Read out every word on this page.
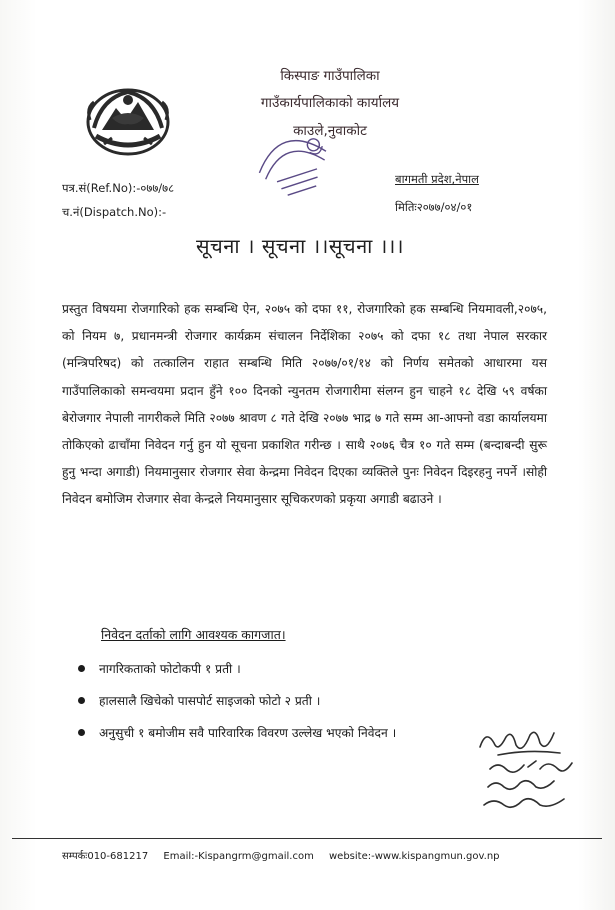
किस्पाङ गाउँपालिका
गाउँकार्यपालिकाको कार्यालय
काउले,नुवाकोट
पत्र.सं(Ref.No):-०७७/७८
च.नं(Dispatch.No):-
बागमती प्रदेश,नेपाल
मितिः२०७७/०४/०१
सूचना । सूचना ।।सूचना ।।।
प्रस्तुत विषयमा रोजगारिको हक सम्बन्धि ऐन, २०७५ को दफा ११, रोजगारिको हक सम्बन्धि नियमावली,२०७५, को नियम ७, प्रधानमन्त्री रोजगार कार्यक्रम संचालन निर्देशिका २०७५ को दफा १८ तथा नेपाल सरकार (मन्त्रिपरिषद) को तत्कालिन राहात सम्बन्धि मिति २०७७/०१/१४ को निर्णय समेतको आधारमा यस गाउँपालिकाको समन्वयमा प्रदान हुँने १०० दिनको न्युनतम रोजगारीमा संलग्न हुन चाहने १८ देखि ५९ वर्षका बेरोजगार नेपाली नागरीकले मिति २०७७ श्रावण ८ गते देखि २०७७ भाद्र ७ गते सम्म आ-आफ्नो वडा कार्यालयमा तोकिएको ढाचाँमा निवेदन गर्नु हुन यो सूचना प्रकाशित गरीन्छ । साथै २०७६ चैत्र १० गते सम्म (बन्दाबन्दी सुरू हुनु भन्दा अगाडी) नियमानुसार रोजगार सेवा केन्द्रमा निवेदन दिएका व्यक्तिले पुनः निवेदन दिइरहनु नपर्ने ।सोही निवेदन बमोजिम रोजगार सेवा केन्द्रले नियमानुसार सूचिकरणको प्रकृया अगाडी बढाउने ।
निवेदन दर्ताको लागि आवश्यक कागजात।
नागरिकताको फोटोकपी १ प्रती ।
हालसालै खिचेको पासपोर्ट साइजको फोटो २ प्रती ।
अनुसुची १ बमोजीम सवै पारिवारिक विवरण उल्लेख भएको निवेदन ।
सम्पर्कः010-681217 Email:-Kispangrm@gmail.com website:-www.kispangmun.gov.np
